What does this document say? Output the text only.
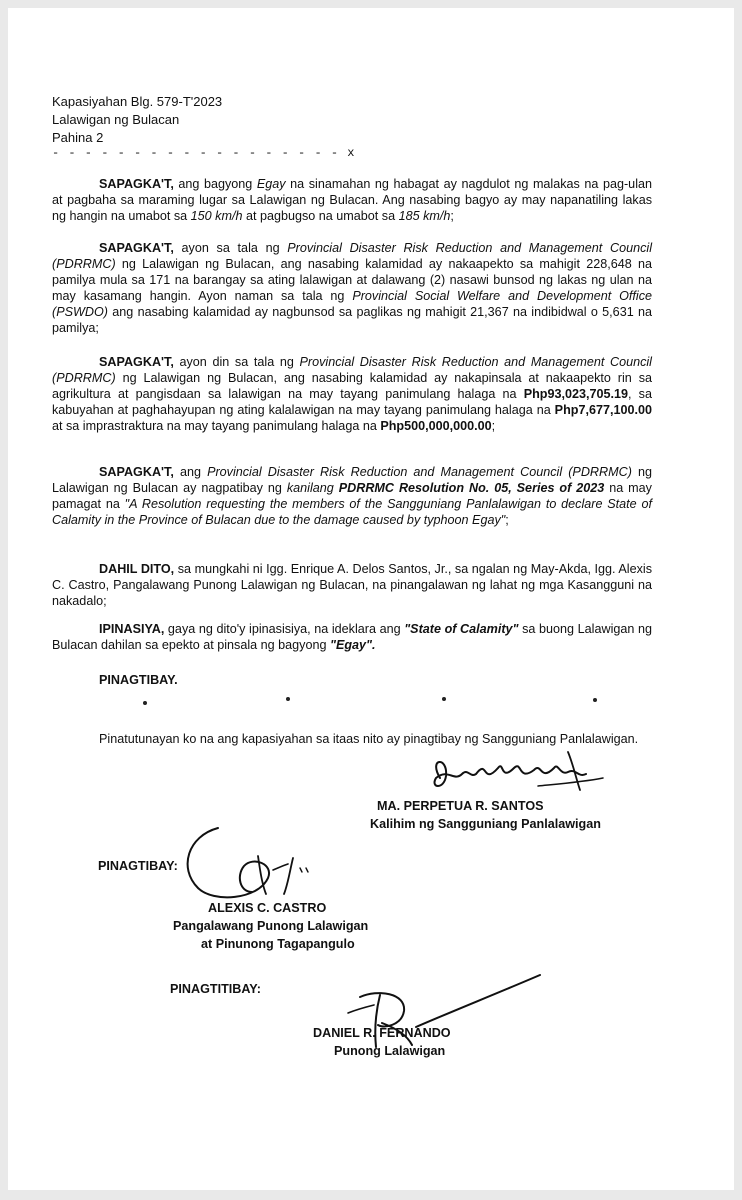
Kapasiyahan Blg. 579-T'2023
Lalawigan ng Bulacan
Pahina 2
- - - - - - - - - - - - - - - - - - x
SAPAGKA'T, ang bagyong Egay na sinamahan ng habagat ay nagdulot ng malakas na pag-ulan at pagbaha sa maraming lugar sa Lalawigan ng Bulacan. Ang nasabing bagyo ay may napanatiling lakas ng hangin na umabot sa 150 km/h at pagbugso na umabot sa 185 km/h;
SAPAGKA'T, ayon sa tala ng Provincial Disaster Risk Reduction and Management Council (PDRRMC) ng Lalawigan ng Bulacan, ang nasabing kalamidad ay nakaapekto sa mahigit 228,648 na pamilya mula sa 171 na barangay sa ating lalawigan at dalawang (2) nasawi bunsod ng lakas ng ulan na may kasamang hangin. Ayon naman sa tala ng Provincial Social Welfare and Development Office (PSWDO) ang nasabing kalamidad ay nagbunsod sa paglikas ng mahigit 21,367 na indibidwal o 5,631 na pamilya;
SAPAGKA'T, ayon din sa tala ng Provincial Disaster Risk Reduction and Management Council (PDRRMC) ng Lalawigan ng Bulacan, ang nasabing kalamidad ay nakapinsala at nakaapekto rin sa agrikultura at pangisdaan sa lalawigan na may tayang panimulang halaga na Php93,023,705.19, sa kabuyahan at paghahayupan ng ating kalalawigan na may tayang panimulang halaga na Php7,677,100.00 at sa imprastraktura na may tayang panimulang halaga na Php500,000,000.00;
SAPAGKA'T, ang Provincial Disaster Risk Reduction and Management Council (PDRRMC) ng Lalawigan ng Bulacan ay nagpatibay ng kanilang PDRRMC Resolution No. 05, Series of 2023 na may pamagat na "A Resolution requesting the members of the Sangguniang Panlalawigan to declare State of Calamity in the Province of Bulacan due to the damage caused by typhoon Egay";
DAHIL DITO, sa mungkahi ni Igg. Enrique A. Delos Santos, Jr., sa ngalan ng May-Akda, Igg. Alexis C. Castro, Pangalawang Punong Lalawigan ng Bulacan, na pinangalawan ng lahat ng mga Kasangguni na nakadalo;
IPINASIYA, gaya ng dito'y ipinasisiya, na ideklara ang "State of Calamity" sa buong Lalawigan ng Bulacan dahilan sa epekto at pinsala ng bagyong "Egay".
PINAGTIBAY.
Pinatutunayan ko na ang kapasiyahan sa itaas nito ay pinagtibay ng Sangguniang Panlalawigan.
MA. PERPETUA R. SANTOS
Kalihim ng Sangguniang Panlalawigan
PINAGTIBAY:
ALEXIS C. CASTRO
Pangalawang Punong Lalawigan
at Pinunong Tagapangulo
PINAGTITIBAY:
DANIEL R. FERNANDO
Punong Lalawigan
